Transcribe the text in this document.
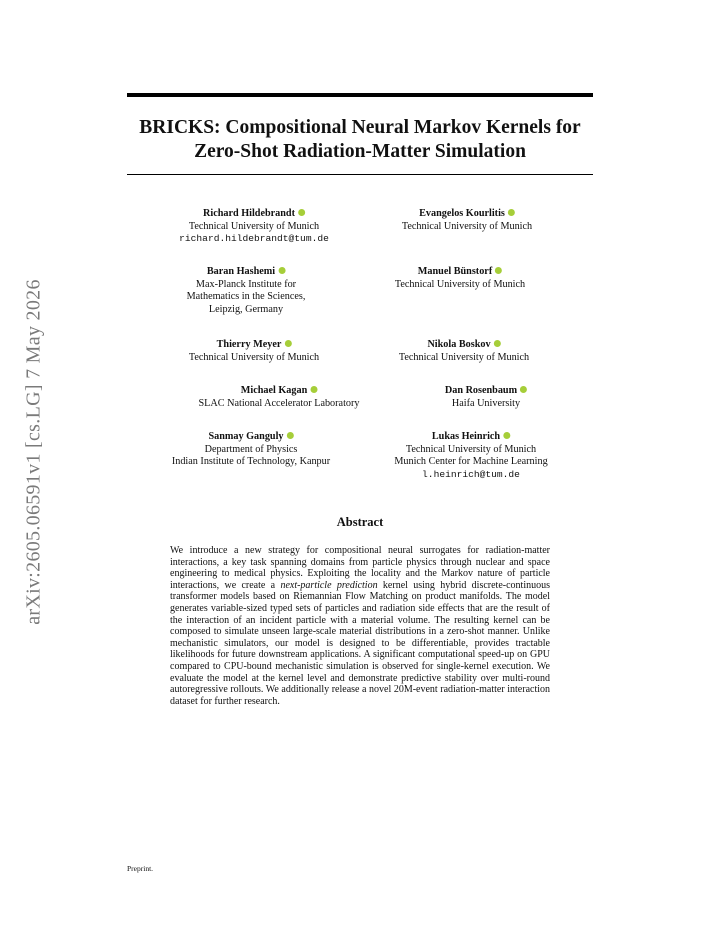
arXiv:2605.06591v1 [cs.LG] 7 May 2026
BRICKS: Compositional Neural Markov Kernels for
Zero-Shot Radiation-Matter Simulation
Richard Hildebrandt
Technical University of Munich
richard.hildebrandt@tum.de
Evangelos Kourlitis
Technical University of Munich
Baran Hashemi
Max-Planck Institute for
Mathematics in the Sciences,
Leipzig, Germany
Manuel Bünstorf
Technical University of Munich
Thierry Meyer
Technical University of Munich
Nikola Boskov
Technical University of Munich
Michael Kagan
SLAC National Accelerator Laboratory
Dan Rosenbaum
Haifa University
Sanmay Ganguly
Department of Physics
Indian Institute of Technology, Kanpur
Lukas Heinrich
Technical University of Munich
Munich Center for Machine Learning
l.heinrich@tum.de
Abstract
We introduce a new strategy for compositional neural surrogates for radiation-matter interactions, a key task spanning domains from particle physics through nuclear and space engineering to medical physics. Exploiting the locality and the Markov nature of particle interactions, we create a next-particle prediction kernel using hybrid discrete-continuous transformer models based on Riemannian Flow Matching on product manifolds. The model generates variable-sized typed sets of particles and radiation side effects that are the result of the interaction of an incident particle with a material volume. The resulting kernel can be composed to simulate unseen large-scale material distributions in a zero-shot manner. Unlike mechanistic simulators, our model is designed to be differentiable, provides tractable likelihoods for future downstream applications. A significant computational speed-up on GPU compared to CPU-bound mechanistic simulation is observed for single-kernel execution. We evaluate the model at the kernel level and demonstrate predictive stability over multi-round autoregressive rollouts. We additionally release a novel 20M-event radiation-matter interaction dataset for further research.
Preprint.
